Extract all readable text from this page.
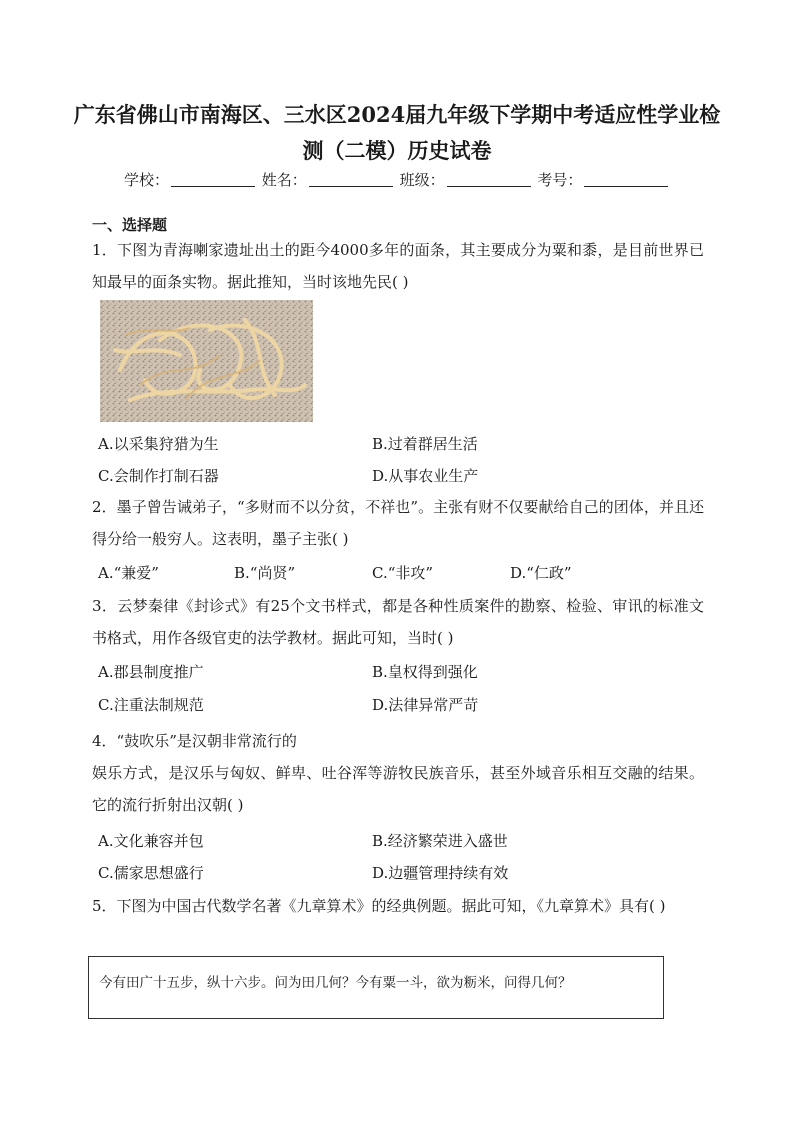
广东省佛山市南海区、三水区2024届九年级下学期中考适应性学业检
测（二模）历史试卷
学校：	姓名：	班级：	考号：
一、选择题
1．下图为青海喇家遗址出土的距今4000多年的面条，其主要成分为粟和黍，是目前世界已知最早的面条实物。据此推知，当时该地先民( )
A.以采集狩猎为生	B.过着群居生活
C.会制作打制石器	D.从事农业生产
2．墨子曾告诫弟子，“多财而不以分贫，不祥也”。主张有财不仅要献给自己的团体，并且还得分给一般穷人。这表明，墨子主张( )
A.“兼爱”	B.“尚贤”	C.“非攻”	D.“仁政”
3．云梦秦律《封诊式》有25个文书样式，都是各种性质案件的勘察、检验、审讯的标准文书格式，用作各级官吏的法学教材。据此可知，当时( )
A.郡县制度推广	B.皇权得到强化
C.注重法制规范	D.法律异常严苛
4．“鼓吹乐”是汉朝非常流行的
娱乐方式，是汉乐与匈奴、鲜卑、吐谷浑等游牧民族音乐，甚至外域音乐相互交融的结果。它的流行折射出汉朝( )
A.文化兼容并包	B.经济繁荣进入盛世
C.儒家思想盛行	D.边疆管理持续有效
5．下图为中国古代数学名著《九章算术》的经典例题。据此可知，《九章算术》具有( )
今有田广十五步，纵十六步。问为田几何？今有粟一斗，欲为粝米，问得几何？
